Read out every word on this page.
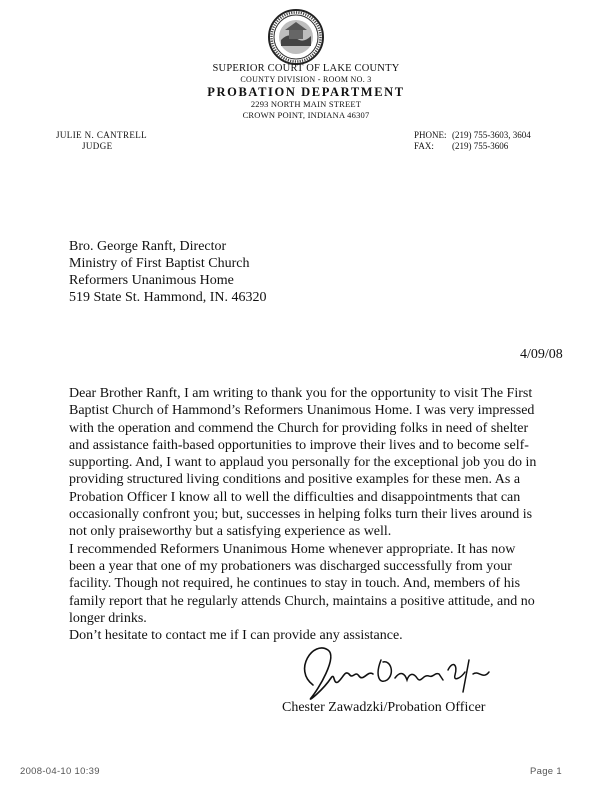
SUPERIOR COURT OF LAKE COUNTY
COUNTY DIVISION - ROOM NO. 3
PROBATION DEPARTMENT
2293 NORTH MAIN STREET
CROWN POINT, INDIANA 46307
JULIE N. CANTRELL
JUDGE
PHONE: (219) 755-3603, 3604
FAX: (219) 755-3606
Bro. George Ranft, Director
Ministry of First Baptist Church
Reformers Unanimous Home
519 State St. Hammond, IN. 46320
4/09/08

Dear Brother Ranft, I am writing to thank you for the opportunity to visit The First Baptist Church of Hammond’s Reformers Unanimous Home. I was very impressed with the operation and commend the Church for providing folks in need of shelter and assistance faith-based opportunities to improve their lives and to become self-supporting. And, I want to applaud you personally for the exceptional job you do in providing structured living conditions and positive examples for these men. As a Probation Officer I know all to well the difficulties and disappointments that can occasionally confront you; but, successes in helping folks turn their lives around is not only praiseworthy but a satisfying experience as well.

I recommended Reformers Unanimous Home whenever appropriate. It has now been a year that one of my probationers was discharged successfully from your facility. Though not required, he continues to stay in touch. And, members of his family report that he regularly attends Church, maintains a positive attitude, and no longer drinks.

Don’t hesitate to contact me if I can provide any assistance.

Chester Zawadzki/Probation Officer
2008-04-10 10:39	Page 1
